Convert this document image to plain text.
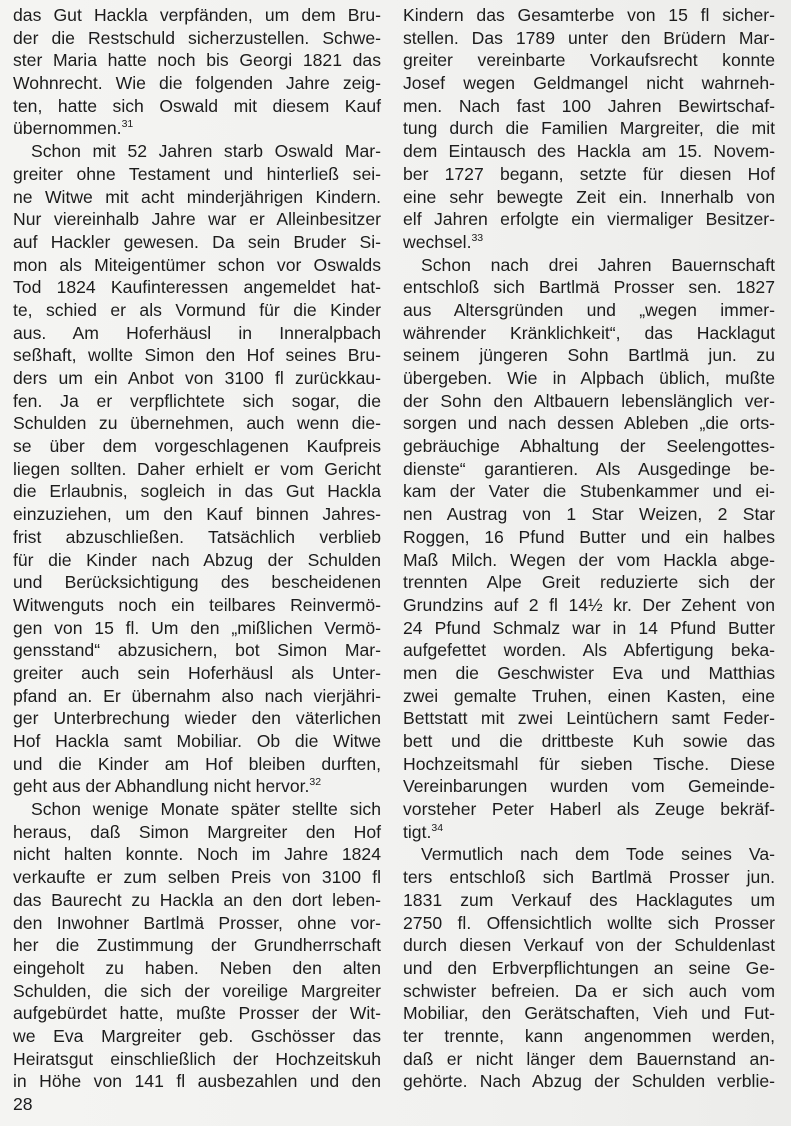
das Gut Hackla verpfänden, um dem Bru-
der die Restschuld sicherzustellen. Schwe-
ster Maria hatte noch bis Georgi 1821 das
Wohnrecht. Wie die folgenden Jahre zeig-
ten, hatte sich Oswald mit diesem Kauf
übernommen.$^{31}$
Schon mit 52 Jahren starb Oswald Mar-
greiter ohne Testament und hinterließ sei-
ne Witwe mit acht minderjährigen Kindern.
Nur viereinhalb Jahre war er Alleinbesitzer
auf Hackler gewesen. Da sein Bruder Si-
mon als Miteigentümer schon vor Oswalds
Tod 1824 Kaufinteressen angemeldet hat-
te, schied er als Vormund für die Kinder
aus. Am Hoferhäusl in Inneralpbach
seßhaft, wollte Simon den Hof seines Bru-
ders um ein Anbot von 3100 fl zurückkau-
fen. Ja er verpflichtete sich sogar, die
Schulden zu übernehmen, auch wenn die-
se über dem vorgeschlagenen Kaufpreis
liegen sollten. Daher erhielt er vom Gericht
die Erlaubnis, sogleich in das Gut Hackla
einzuziehen, um den Kauf binnen Jahres-
frist abzuschließen. Tatsächlich verblieb
für die Kinder nach Abzug der Schulden
und Berücksichtigung des bescheidenen
Witwenguts noch ein teilbares Reinvermö-
gen von 15 fl. Um den „mißlichen Vermö-
gensstand“ abzusichern, bot Simon Mar-
greiter auch sein Hoferhäusl als Unter-
pfand an. Er übernahm also nach vierjähri-
ger Unterbrechung wieder den väterlichen
Hof Hackla samt Mobiliar. Ob die Witwe
und die Kinder am Hof bleiben durften,
geht aus der Abhandlung nicht hervor.$^{32}$
Schon wenige Monate später stellte sich
heraus, daß Simon Margreiter den Hof
nicht halten konnte. Noch im Jahre 1824
verkaufte er zum selben Preis von 3100 fl
das Baurecht zu Hackla an den dort leben-
den Inwohner Bartlmä Prosser, ohne vor-
her die Zustimmung der Grundherrschaft
eingeholt zu haben. Neben den alten
Schulden, die sich der voreilige Margreiter
aufgebürdet hatte, mußte Prosser der Wit-
we Eva Margreiter geb. Gschösser das
Heiratsgut einschließlich der Hochzeitskuh
in Höhe von 141 fl ausbezahlen und den
Kindern das Gesamterbe von 15 fl sicher-
stellen. Das 1789 unter den Brüdern Mar-
greiter vereinbarte Vorkaufsrecht konnte
Josef wegen Geldmangel nicht wahrneh-
men. Nach fast 100 Jahren Bewirtschaf-
tung durch die Familien Margreiter, die mit
dem Eintausch des Hackla am 15. Novem-
ber 1727 begann, setzte für diesen Hof
eine sehr bewegte Zeit ein. Innerhalb von
elf Jahren erfolgte ein viermaliger Besitzer-
wechsel.$^{33}$
Schon nach drei Jahren Bauernschaft
entschloß sich Bartlmä Prosser sen. 1827
aus Altersgründen und „wegen immer-
währender Kränklichkeit“, das Hacklagut
seinem jüngeren Sohn Bartlmä jun. zu
übergeben. Wie in Alpbach üblich, mußte
der Sohn den Altbauern lebenslänglich ver-
sorgen und nach dessen Ableben „die orts-
gebräuchige Abhaltung der Seelengottes-
dienste“ garantieren. Als Ausgedinge be-
kam der Vater die Stubenkammer und ei-
nen Austrag von 1 Star Weizen, 2 Star
Roggen, 16 Pfund Butter und ein halbes
Maß Milch. Wegen der vom Hackla abge-
trennten Alpe Greit reduzierte sich der
Grundzins auf 2 fl 14½ kr. Der Zehent von
24 Pfund Schmalz war in 14 Pfund Butter
aufgefettet worden. Als Abfertigung beka-
men die Geschwister Eva und Matthias
zwei gemalte Truhen, einen Kasten, eine
Bettstatt mit zwei Leintüchern samt Feder-
bett und die drittbeste Kuh sowie das
Hochzeitsmahl für sieben Tische. Diese
Vereinbarungen wurden vom Gemeinde-
vorsteher Peter Haberl als Zeuge bekräf-
tigt.$^{34}$
Vermutlich nach dem Tode seines Va-
ters entschloß sich Bartlmä Prosser jun.
1831 zum Verkauf des Hacklagutes um
2750 fl. Offensichtlich wollte sich Prosser
durch diesen Verkauf von der Schuldenlast
und den Erbverpflichtungen an seine Ge-
schwister befreien. Da er sich auch vom
Mobiliar, den Gerätschaften, Vieh und Fut-
ter trennte, kann angenommen werden,
daß er nicht länger dem Bauernstand an-
gehörte. Nach Abzug der Schulden verblie-
28
